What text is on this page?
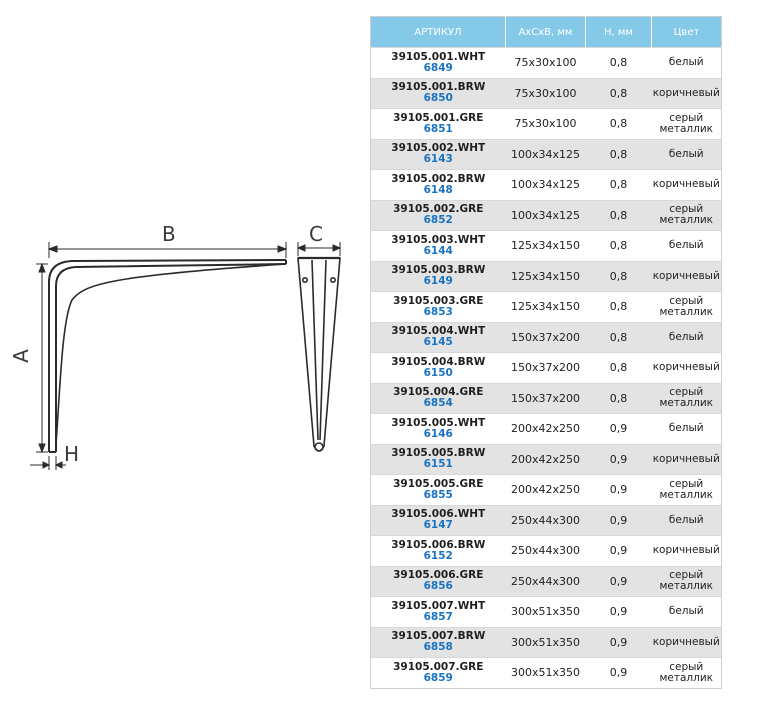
B
A
H
C
АРТИКУЛ	АхСхВ, мм	Н, мм	Цвет

39105.001.WHT
6849	75x30x100	0,8	белый

39105.001.BRW
6850	75x30x100	0,8	коричневый

39105.001.GRE
6851	75x30x100	0,8	серый металлик

39105.002.WHT
6143	100x34x125	0,8	белый

39105.002.BRW
6148	100x34x125	0,8	коричневый

39105.002.GRE
6852	100x34x125	0,8	серый металлик

39105.003.WHT
6144	125x34x150	0,8	белый

39105.003.BRW
6149	125x34x150	0,8	коричневый

39105.003.GRE
6853	125x34x150	0,8	серый металлик

39105.004.WHT
6145	150x37x200	0,8	белый

39105.004.BRW
6150	150x37x200	0,8	коричневый

39105.004.GRE
6854	150x37x200	0,8	серый металлик

39105.005.WHT
6146	200x42x250	0,9	белый

39105.005.BRW
6151	200x42x250	0,9	коричневый

39105.005.GRE
6855	200x42x250	0,9	серый металлик

39105.006.WHT
6147	250x44x300	0,9	белый

39105.006.BRW
6152	250x44x300	0,9	коричневый

39105.006.GRE
6856	250x44x300	0,9	серый металлик

39105.007.WHT
6857	300x51x350	0,9	белый

39105.007.BRW
6858	300x51x350	0,9	коричневый

39105.007.GRE
6859	300x51x350	0,9	серый металлик
